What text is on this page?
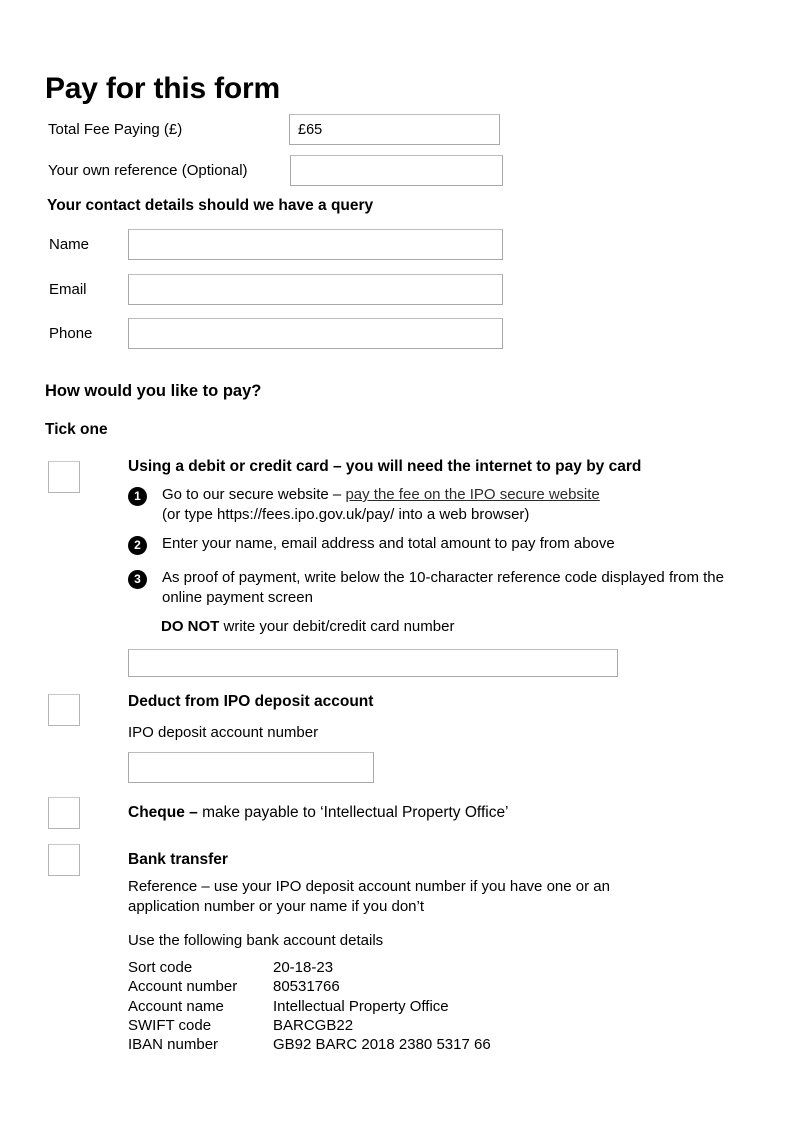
Pay for this form
Total Fee Paying (£)
£65
Your own reference (Optional)
Your contact details should we have a query
Name
Email
Phone
How would you like to pay?
Tick one
Using a debit or credit card – you will need the internet to pay by card
1	Go to our secure website – pay the fee on the IPO secure website
(or type https://fees.ipo.gov.uk/pay/ into a web browser)
2	Enter your name, email address and total amount to pay from above
3	As proof of payment, write below the 10-character reference code displayed from the online payment screen
DO NOT write your debit/credit card number
Deduct from IPO deposit account
IPO deposit account number
Cheque – make payable to ‘Intellectual Property Office’
Bank transfer
Reference – use your IPO deposit account number if you have one or an application number or your name if you don’t
Use the following bank account details
Sort code	20-18-23
Account number	80531766
Account name	Intellectual Property Office
SWIFT code	BARCGB22
IBAN number	GB92 BARC 2018 2380 5317 66
